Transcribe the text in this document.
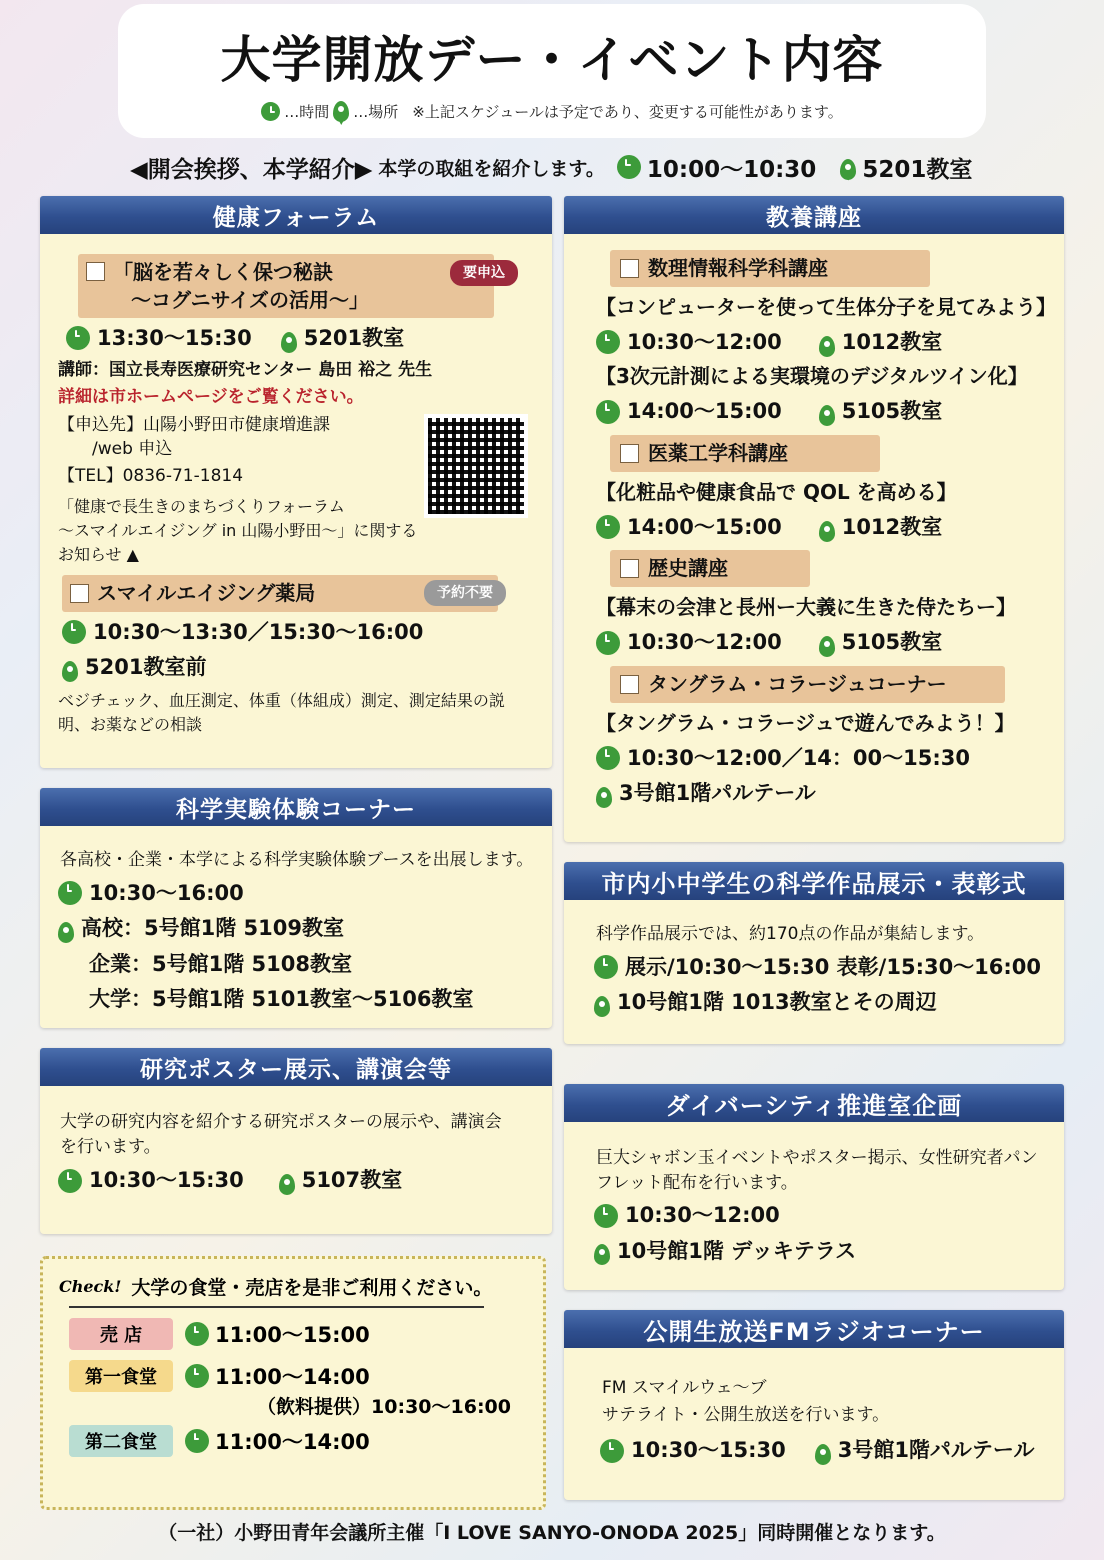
大学開放デー・イベント内容
…時間 …場所 ※上記スケジュールは予定であり、変更する可能性があります。
◀開会挨拶、本学紹介▶ 本学の取組を紹介します。 10:00〜10:30 5201教室
健康フォーラム
「脳を若々しく保つ秘訣
〜コグニサイズの活用〜」
要申込
13:30〜15:30 5201教室
講師：国立長寿医療研究センター 島田 裕之 先生
詳細は市ホームページをご覧ください。
【申込先】山陽小野田市健康増進課
/web 申込
【TEL】0836-71-1814
「健康で長生きのまちづくりフォーラム
〜スマイルエイジング in 山陽小野田〜」に関するお知らせ ▲
スマイルエイジング薬局	予約不要
10:30〜13:30／15:30〜16:00
5201教室前
ベジチェック、血圧測定、体重（体組成）測定、測定結果の説明、お薬などの相談
科学実験体験コーナー
各高校・企業・本学による科学実験体験ブースを出展します。
10:30〜16:00
高校：5号館1階 5109教室
企業：5号館1階 5108教室
大学：5号館1階 5101教室〜5106教室
研究ポスター展示、講演会等
大学の研究内容を紹介する研究ポスターの展示や、講演会
を行います。
10:30〜15:30	5107教室
Check! 大学の食堂・売店を是非ご利用ください。
売 店	11:00〜15:00
第一食堂	11:00〜14:00
（飲料提供）10:30〜16:00
第二食堂	11:00〜14:00
教養講座
数理情報科学科講座
【コンピューターを使って生体分子を見てみよう】
10:30〜12:00	1012教室
【3次元計測による実環境のデジタルツイン化】
14:00〜15:00	5105教室
医薬工学科講座
【化粧品や健康食品で QOL を高める】
14:00〜15:00	1012教室
歴史講座
【幕末の会津と長州ー大義に生きた侍たちー】
10:30〜12:00	5105教室
タングラム・コラージュコーナー
【タングラム・コラージュで遊んでみよう！】
10:30〜12:00／14：00〜15:30
3号館1階パルテール
市内小中学生の科学作品展示・表彰式
科学作品展示では、約170点の作品が集結します。
展示/10:30〜15:30 表彰/15:30〜16:00
10号館1階 1013教室とその周辺
ダイバーシティ推進室企画
巨大シャボン玉イベントやポスター掲示、女性研究者パン
フレット配布を行います。
10:30〜12:00
10号館1階 デッキテラス
公開生放送FMラジオコーナー
FM スマイルウェ〜ブ
サテライト・公開生放送を行います。
10:30〜15:30 3号館1階パルテール
（一社）小野田青年会議所主催「I LOVE SANYO-ONODA 2025」同時開催となります。
